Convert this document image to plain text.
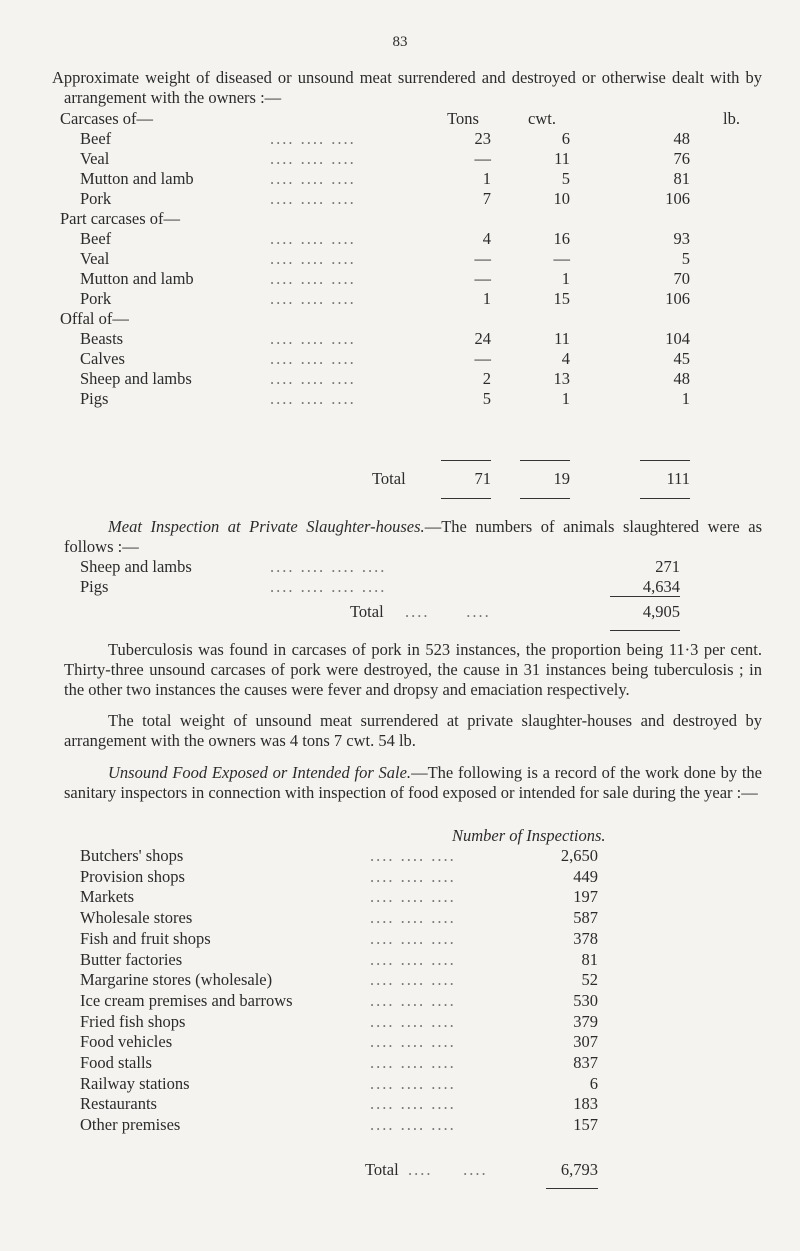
83
Approximate weight of diseased or unsound meat surrendered and destroyed or otherwise dealt with by arrangement with the owners :—
Carcases of—	Tons	cwt.	lb.
Beef	.... .... ....	23	6	48
Veal	.... .... ....	—	11	76
Mutton and lamb	.... .... ....	1	5	81
Pork	.... .... ....	7	10	106
Part carcases of—
Beef	.... .... ....	4	16	93
Veal	.... .... ....	—	—	5
Mutton and lamb	.... .... ....	—	1	70
Pork	.... .... ....	1	15	106
Offal of—
Beasts	.... .... ....	24	11	104
Calves	.... .... ....	—	4	45
Sheep and lambs	.... .... ....	2	13	48
Pigs	.... .... ....	5	1	1
Total	71	19	111
Meat Inspection at Private Slaughter-houses.—The numbers of animals slaughtered were as follows :—
Sheep and lambs	.... .... .... ....	271
Pigs	.... .... .... ....	4,634
Total ....      ....	4,905
Tuberculosis was found in carcases of pork in 523 instances, the proportion being 11·3 per cent. Thirty-three unsound carcases of pork were destroyed, the cause in 31 instances being tuberculosis ; in the other two instances the causes were fever and dropsy and emaciation respectively.
The total weight of unsound meat surrendered at private slaughter-houses and destroyed by arrangement with the owners was 4 tons 7 cwt. 54 lb.
Unsound Food Exposed or Intended for Sale.—The following is a record of the work done by the sanitary inspectors in connection with inspection of food exposed or intended for sale during the year :—
Number of Inspections.
Butchers' shops	.... .... ....	2,650
Provision shops	.... .... ....	449
Markets	.... .... ....	197
Wholesale stores	.... .... ....	587
Fish and fruit shops	.... .... ....	378
Butter factories	.... .... ....	81
Margarine stores (wholesale)	.... .... ....	52
Ice cream premises and barrows	.... .... ....	530
Fried fish shops	.... .... ....	379
Food vehicles	.... .... ....	307
Food stalls	.... .... ....	837
Railway stations	.... .... ....	6
Restaurants	.... .... ....	183
Other premises	.... .... ....	157
Total ....     ....	6,793
